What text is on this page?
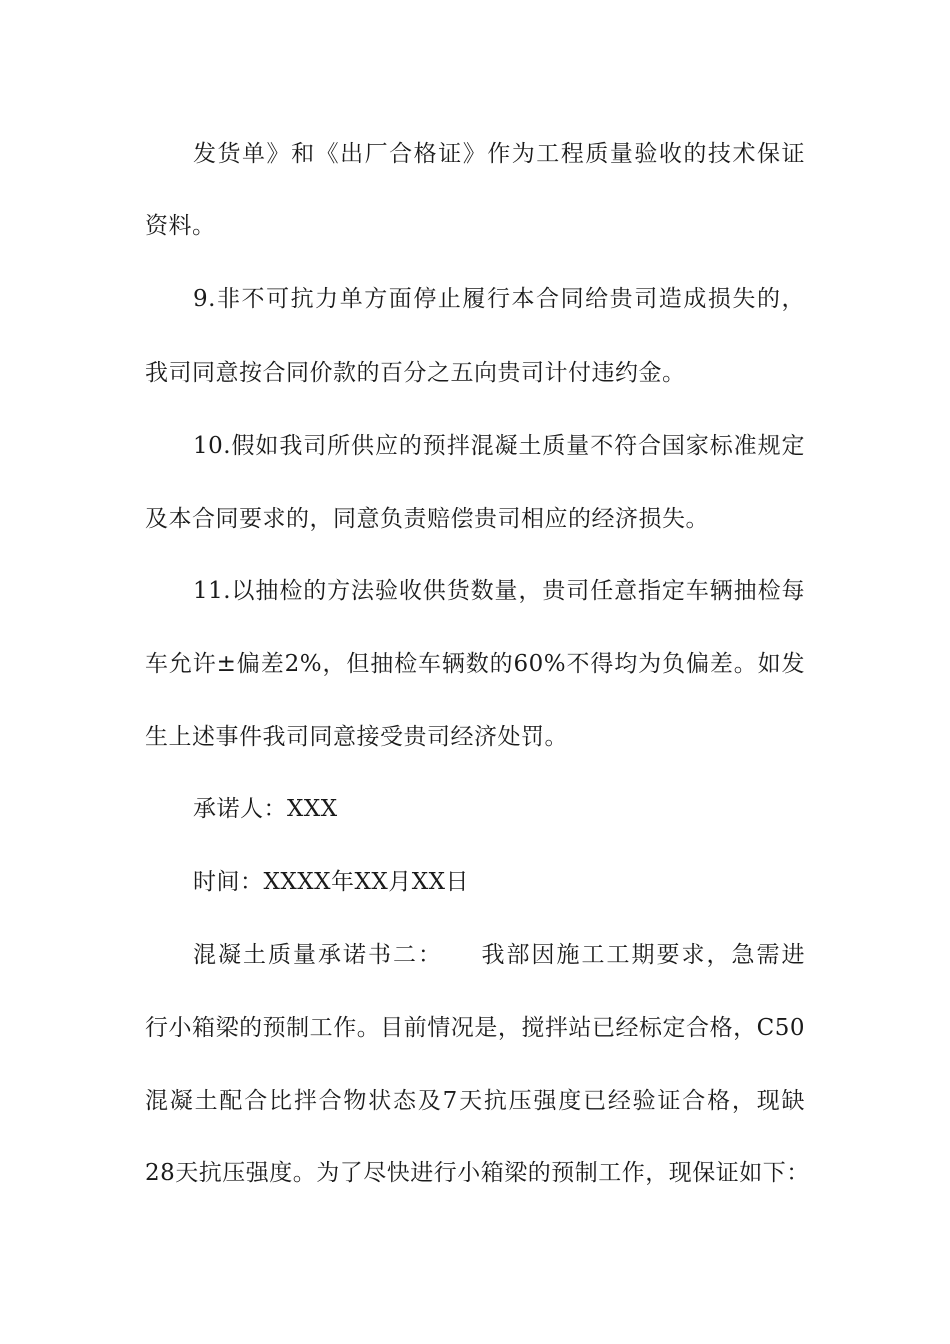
发货单》和《出厂合格证》作为工程质量验收的技术保证
资料。
9.非不可抗力单方面停止履行本合同给贵司造成损失的，
我司同意按合同价款的百分之五向贵司计付违约金。
10.假如我司所供应的预拌混凝土质量不符合国家标准规定
及本合同要求的，同意负责赔偿贵司相应的经济损失。
11.以抽检的方法验收供货数量，贵司任意指定车辆抽检每
车允许±偏差2%，但抽检车辆数的60%不得均为负偏差。如发
生上述事件我司同意接受贵司经济处罚。
承诺人：XXX
时间：XXXX年XX月XX日
混凝土质量承诺书二：　　我部因施工工期要求，急需进
行小箱梁的预制工作。目前情况是，搅拌站已经标定合格，C50
混凝土配合比拌合物状态及7天抗压强度已经验证合格，现缺
28天抗压强度。为了尽快进行小箱梁的预制工作，现保证如下：
